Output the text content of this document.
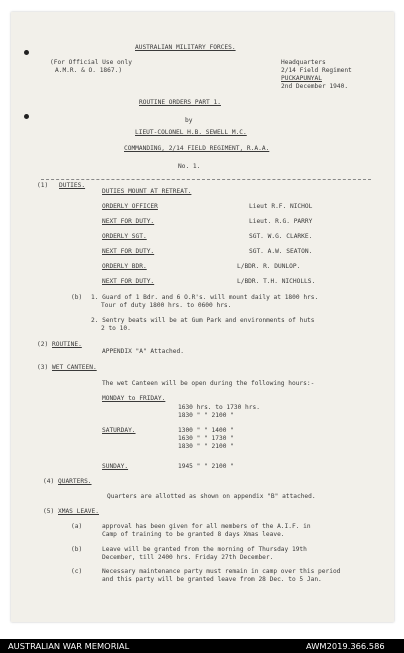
AUSTRALIAN MILITARY FORCES.
(For Official Use only
A.M.R. & O. 1867.)
Headquarters
2/14 Field Regiment
PUCKAPUNYAL
2nd December 1940.
ROUTINE ORDERS PART 1.
by
LIEUT-COLONEL H.B. SEWELL M.C.
COMMANDING, 2/14 FIELD REGIMENT, R.A.A.
No. 1.
(1) DUTIES.
DUTIES MOUNT AT RETREAT.
ORDERLY OFFICER	Lieut R.F. NICHOL
NEXT FOR DUTY.	Lieut. R.G. PARRY
ORDERLY SGT.	SGT. W.G. CLARKE.
NEXT FOR DUTY.	SGT. A.W. SEATON.
ORDERLY BDR.	L/BDR. R. DUNLOP.
NEXT FOR DUTY.	L/BDR. T.H. NICHOLLS.
(b) 1. Guard of 1 Bdr. and 6 O.R's. will mount daily at 1800 hrs.
Tour of duty 1800 hrs. to 0600 hrs.
2. Sentry beats will be at Gum Park and environments of huts
2 to 10.
(2) ROUTINE.
APPENDIX "A" Attached.
(3) WET CANTEEN.
The wet Canteen will be open during the following hours:-
MONDAY to FRIDAY.
1630 hrs. to 1730 hrs.
1830 " " 2100 "
SATURDAY.	1300 " " 1400 "
1630 " " 1730 "
1830 " " 2100 "
SUNDAY.	1945 " " 2100 "
(4) QUARTERS.
Quarters are allotted as shown on appendix "B" attached.
(5) XMAS LEAVE.
(a)	approval has been given for all members of the A.I.F. in
Camp of training to be granted 8 days Xmas leave.
(b)	Leave will be granted from the morning of Thursday 19th
December, till 2400 hrs. Friday 27th December.
(c)	Necessary maintenance party must remain in camp over this period
and this party will be granted leave from 28 Dec. to 5 Jan.
AUSTRALIAN WAR MEMORIAL	AWM2019.366.586
